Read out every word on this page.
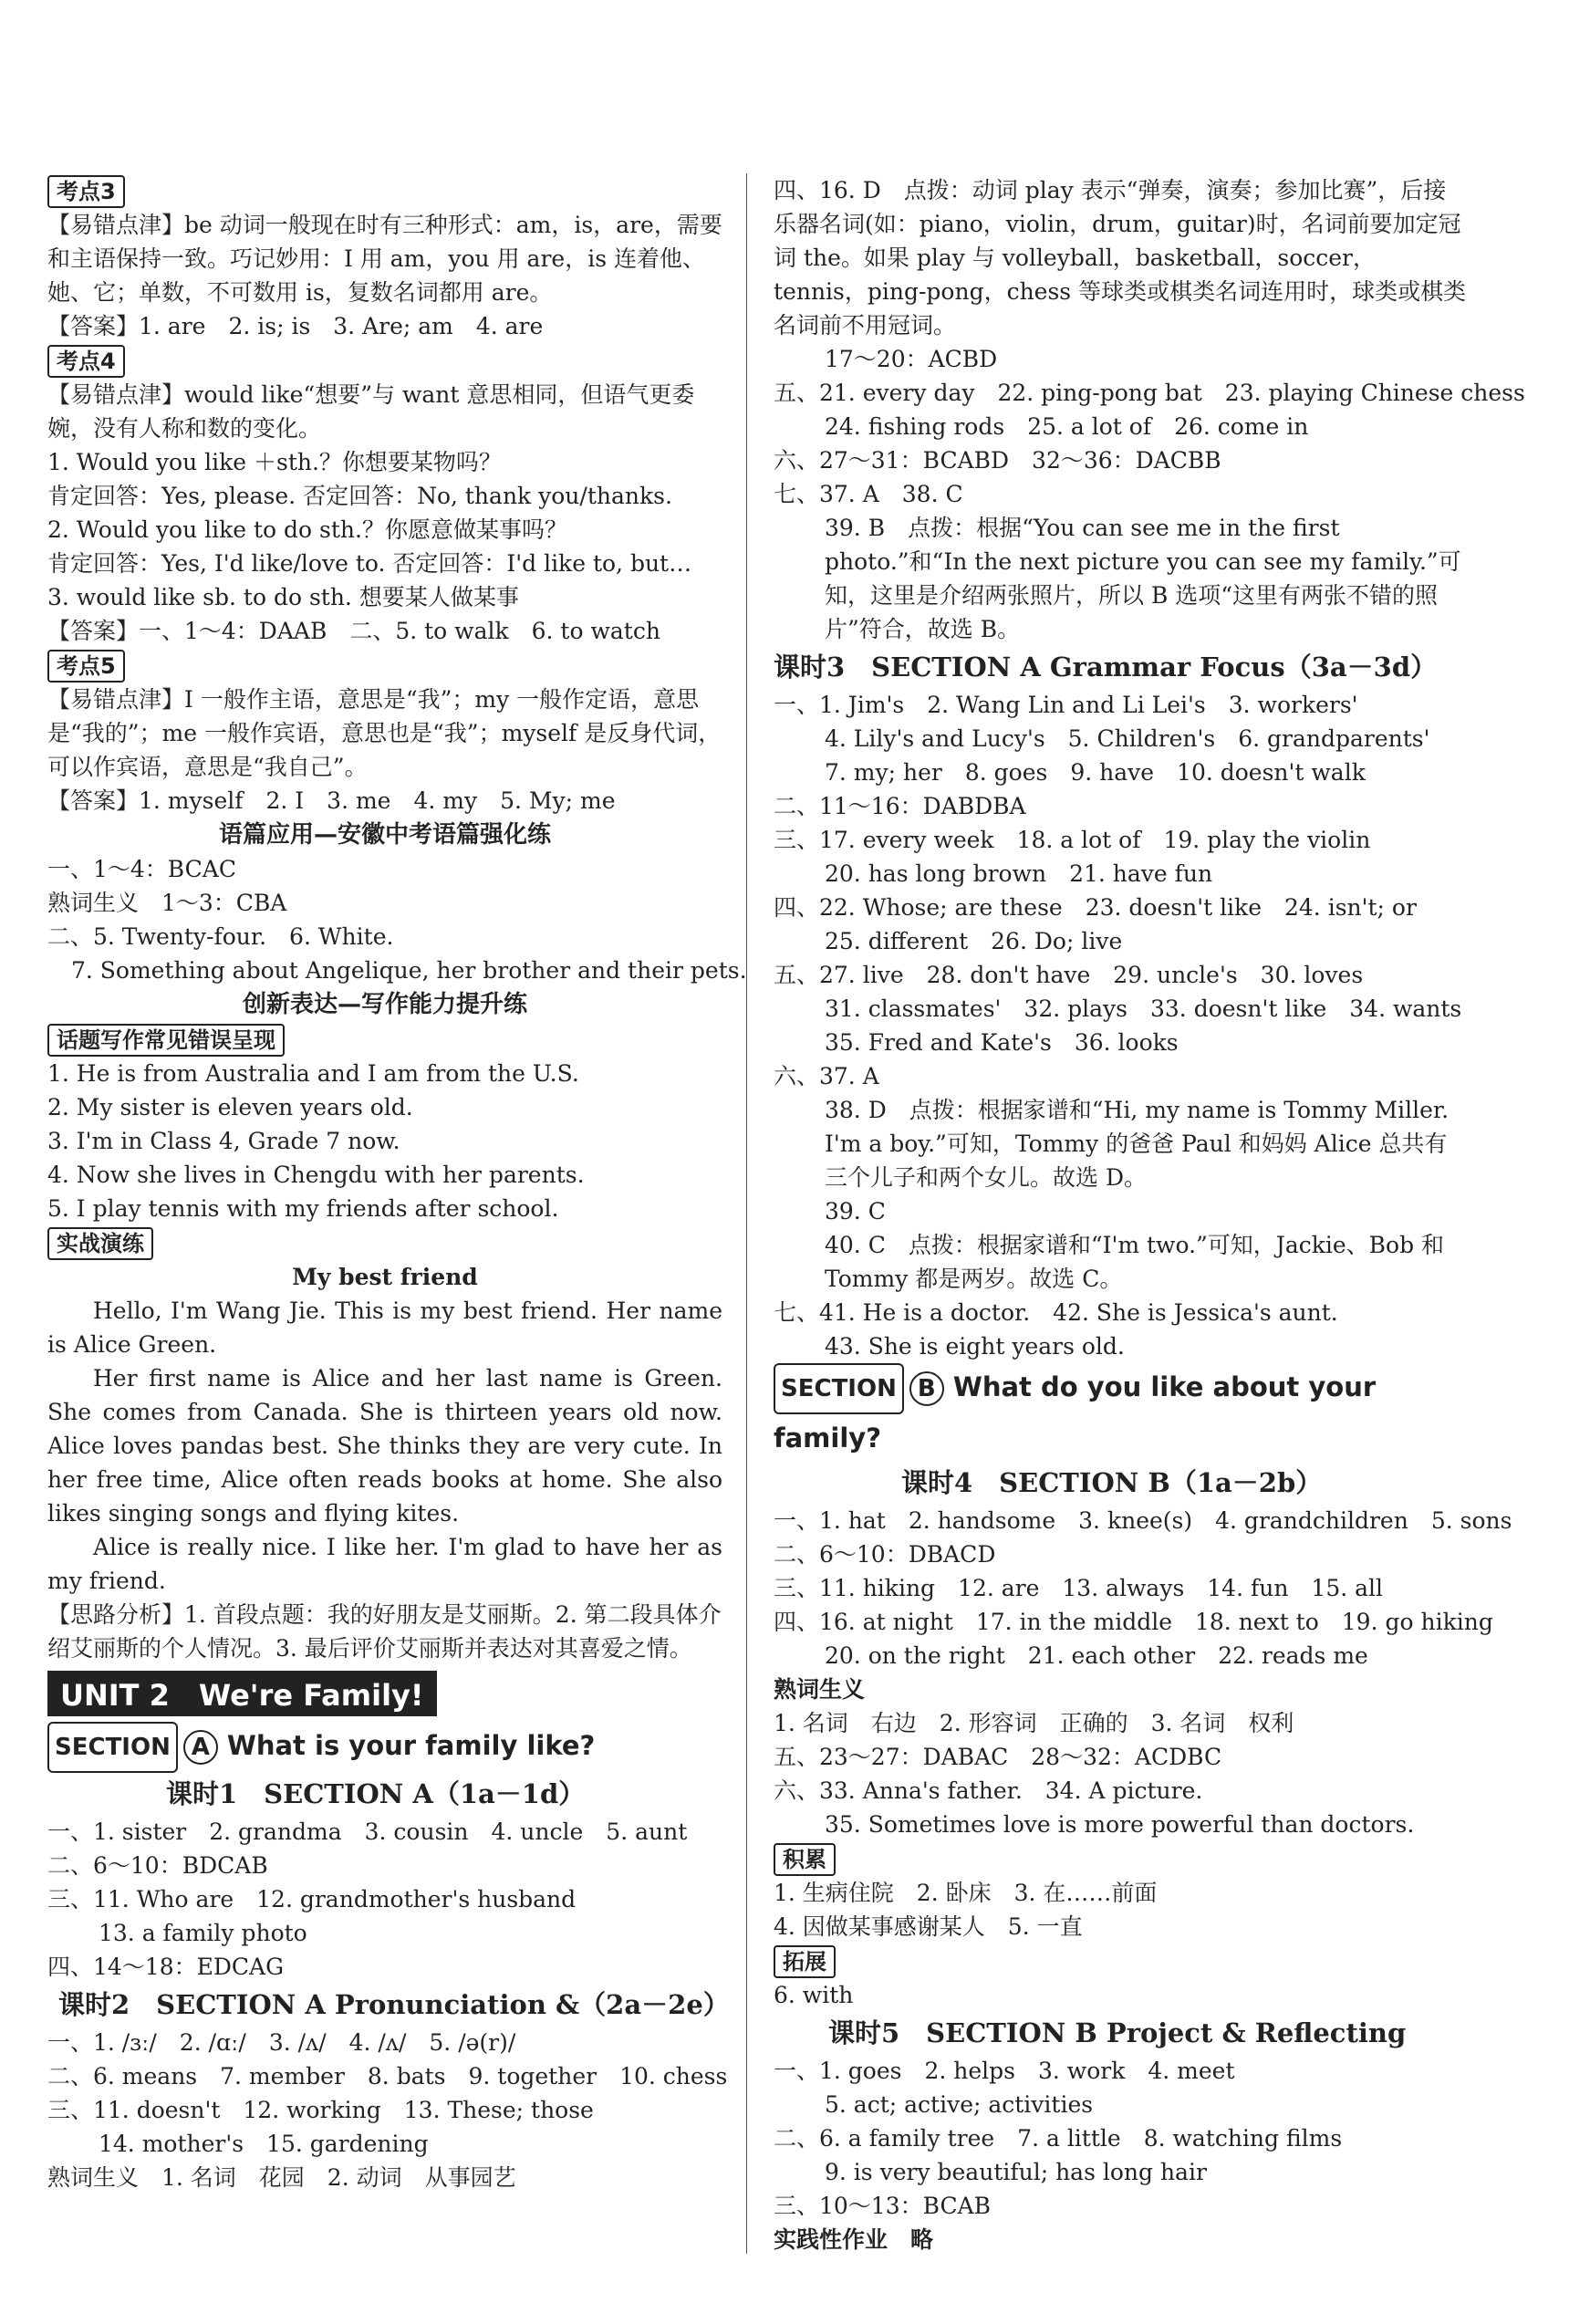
考点3
【易错点津】be 动词一般现在时有三种形式：am，is，are，需要和主语保持一致。巧记妙用：I 用 am，you 用 are，is 连着他、她、它；单数，不可数用 is，复数名词都用 are。
【答案】1. are　2. is; is　3. Are; am　4. are
考点4
【易错点津】would like“想要”与 want 意思相同，但语气更委婉，没有人称和数的变化。
1. Would you like ＋sth.？你想要某物吗？
肯定回答：Yes, please. 否定回答：No, thank you/thanks.
2. Would you like to do sth.？你愿意做某事吗？
肯定回答：Yes, I'd like/love to. 否定回答：I'd like to, but…
3. would like sb. to do sth. 想要某人做某事
【答案】一、1～4：DAAB　二、5. to walk　6. to watch
考点5
【易错点津】I 一般作主语，意思是“我”；my 一般作定语，意思是“我的”；me 一般作宾语，意思也是“我”；myself 是反身代词，可以作宾语，意思是“我自己”。
【答案】1. myself　2. I　3. me　4. my　5. My; me
语篇应用—安徽中考语篇强化练
一、1～4：BCAC
熟词生义　1～3：CBA
二、5. Twenty-four.　6. White.
7. Something about Angelique, her brother and their pets.
创新表达—写作能力提升练
话题写作常见错误呈现
1. He is from Australia and I am from the U.S.
2. My sister is eleven years old.
3. I'm in Class 4, Grade 7 now.
4. Now she lives in Chengdu with her parents.
5. I play tennis with my friends after school.
实战演练
My best friend
Hello, I'm Wang Jie. This is my best friend. Her name is Alice Green.
Her first name is Alice and her last name is Green. She comes from Canada. She is thirteen years old now. Alice loves pandas best. She thinks they are very cute. In her free time, Alice often reads books at home. She also likes singing songs and flying kites.
Alice is really nice. I like her. I'm glad to have her as my friend.
【思路分析】1. 首段点题：我的好朋友是艾丽斯。2. 第二段具体介绍艾丽斯的个人情况。3. 最后评价艾丽斯并表达对其喜爱之情。
UNIT 2　We're Family!
SECTION A What is your family like?
课时1　SECTION A（1a－1d）
一、1. sister　2. grandma　3. cousin　4. uncle　5. aunt
二、6～10：BDCAB
三、11. Who are　12. grandmother's husband
13. a family photo
四、14～18：EDCAG
课时2　SECTION A Pronunciation &（2a－2e）
一、1. /ɜː/　2. /ɑː/　3. /ʌ/　4. /ʌ/　5. /ə(r)/
二、6. means　7. member　8. bats　9. together　10. chess
三、11. doesn't　12. working　13. These; those
14. mother's　15. gardening
熟词生义　1. 名词　花园　2. 动词　从事园艺
四、16. D　点拨：动词 play 表示“弹奏，演奏；参加比赛”，后接乐器名词(如：piano，violin，drum，guitar)时，名词前要加定冠词 the。如果 play 与 volleyball，basketball，soccer，tennis，ping-pong，chess 等球类或棋类名词连用时，球类或棋类名词前不用冠词。
17～20：ACBD
五、21. every day　22. ping-pong bat　23. playing Chinese chess
24. fishing rods　25. a lot of　26. come in
六、27～31：BCABD　32～36：DACBB
七、37. A　38. C
39. B　点拨：根据“You can see me in the first photo.”和“In the next picture you can see my family.”可知，这里是介绍两张照片，所以 B 选项“这里有两张不错的照片”符合，故选 B。
课时3　SECTION A Grammar Focus（3a－3d）
一、1. Jim's　2. Wang Lin and Li Lei's　3. workers'
4. Lily's and Lucy's　5. Children's　6. grandparents'
7. my; her　8. goes　9. have　10. doesn't walk
二、11～16：DABDBA
三、17. every week　18. a lot of　19. play the violin
20. has long brown　21. have fun
四、22. Whose; are these　23. doesn't like　24. isn't; or
25. different　26. Do; live
五、27. live　28. don't have　29. uncle's　30. loves
31. classmates'　32. plays　33. doesn't like　34. wants
35. Fred and Kate's　36. looks
六、37. A
38. D　点拨：根据家谱和“Hi, my name is Tommy Miller. I'm a boy.”可知，Tommy 的爸爸 Paul 和妈妈 Alice 总共有三个儿子和两个女儿。故选 D。
39. C
40. C　点拨：根据家谱和“I'm two.”可知，Jackie、Bob 和 Tommy 都是两岁。故选 C。
七、41. He is a doctor.　42. She is Jessica's aunt.
43. She is eight years old.
SECTION B What do you like about your family?
课时4　SECTION B（1a－2b）
一、1. hat　2. handsome　3. knee(s)　4. grandchildren　5. sons
二、6～10：DBACD
三、11. hiking　12. are　13. always　14. fun　15. all
四、16. at night　17. in the middle　18. next to　19. go hiking
20. on the right　21. each other　22. reads me
熟词生义
1. 名词　右边　2. 形容词　正确的　3. 名词　权利
五、23～27：DABAC　28～32：ACDBC
六、33. Anna's father.　34. A picture.
35. Sometimes love is more powerful than doctors.
积累
1. 生病住院　2. 卧床　3. 在……前面
4. 因做某事感谢某人　5. 一直
拓展
6. with
课时5　SECTION B Project & Reflecting
一、1. goes　2. helps　3. work　4. meet
5. act; active; activities
二、6. a family tree　7. a little　8. watching films
9. is very beautiful; has long hair
三、10～13：BCAB
实践性作业　略
